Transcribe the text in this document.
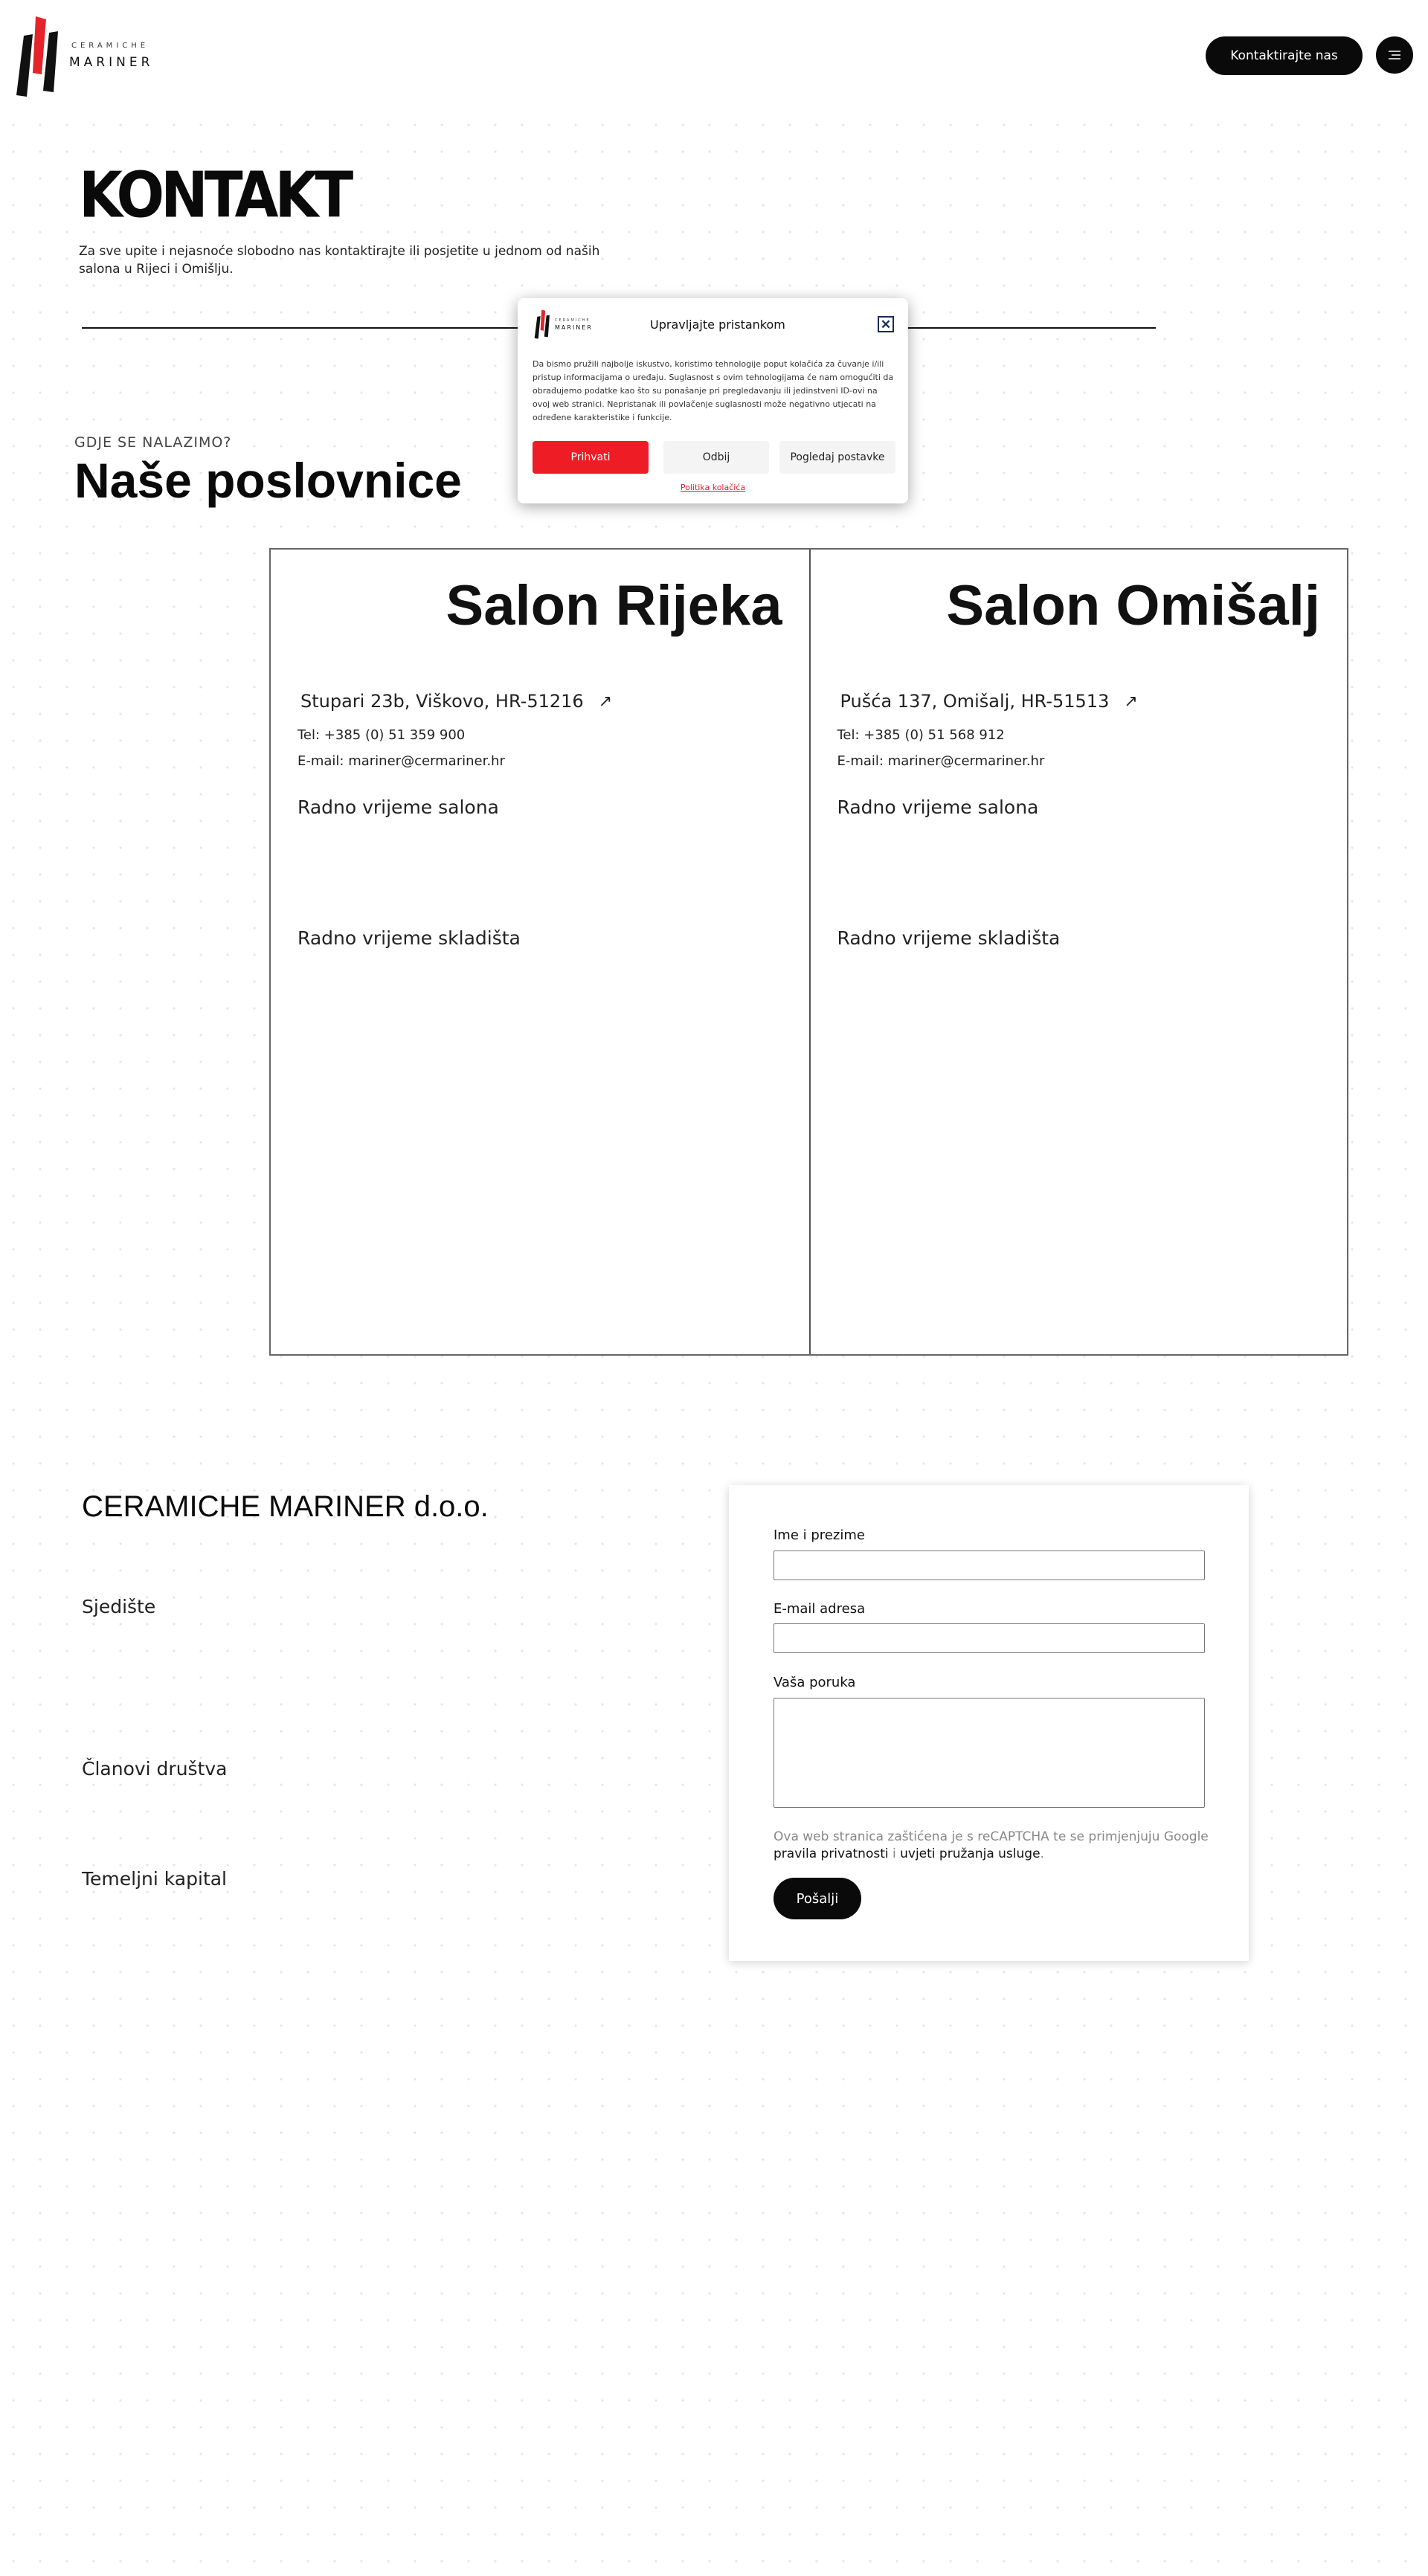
CERAMICHE
MARINER	Kontaktirajte nas
KONTAKT
Za sve upite i nejasnoće slobodno nas kontaktirajte ili posjetite u jednom od naših salona u Rijeci i Omišlju.
GDJE SE NALAZIMO?
Naše poslovnice
Salon Rijeka
Stupari 23b, Viškovo, HR-51216 ↗
Tel: +385 (0) 51 359 900
E-mail: mariner@cermariner.hr
Radno vrijeme salona
Radno vrijeme skladišta
Salon Omišalj
Pušća 137, Omišalj, HR-51513 ↗
Tel: +385 (0) 51 568 912
E-mail: mariner@cermariner.hr
Radno vrijeme salona
Radno vrijeme skladišta
CERAMICHE MARINER d.o.o.
Sjedište
Članovi društva
Temeljni kapital
Ime i prezime
E-mail adresa
Vaša poruka
Ova web stranica zaštićena je s reCAPTCHA te se primjenjuju Google pravila privatnosti i uvjeti pružanja usluge.
Pošalji
CERAMICHE
MARINER	Upravljajte pristankom	✕
Da bismo pružili najbolje iskustvo, koristimo tehnologije poput kolačića za čuvanje i/ili pristup informacijama o uređaju. Suglasnost s ovim tehnologijama će nam omogućiti da obrađujemo podatke kao što su ponašanje pri pregledavanju ili jedinstveni ID-ovi na ovoj web stranici. Nepristanak ili povlačenje suglasnosti može negativno utjecati na određene karakteristike i funkcije.
Prihvati	Odbij	Pogledaj postavke
Politika kolačića
